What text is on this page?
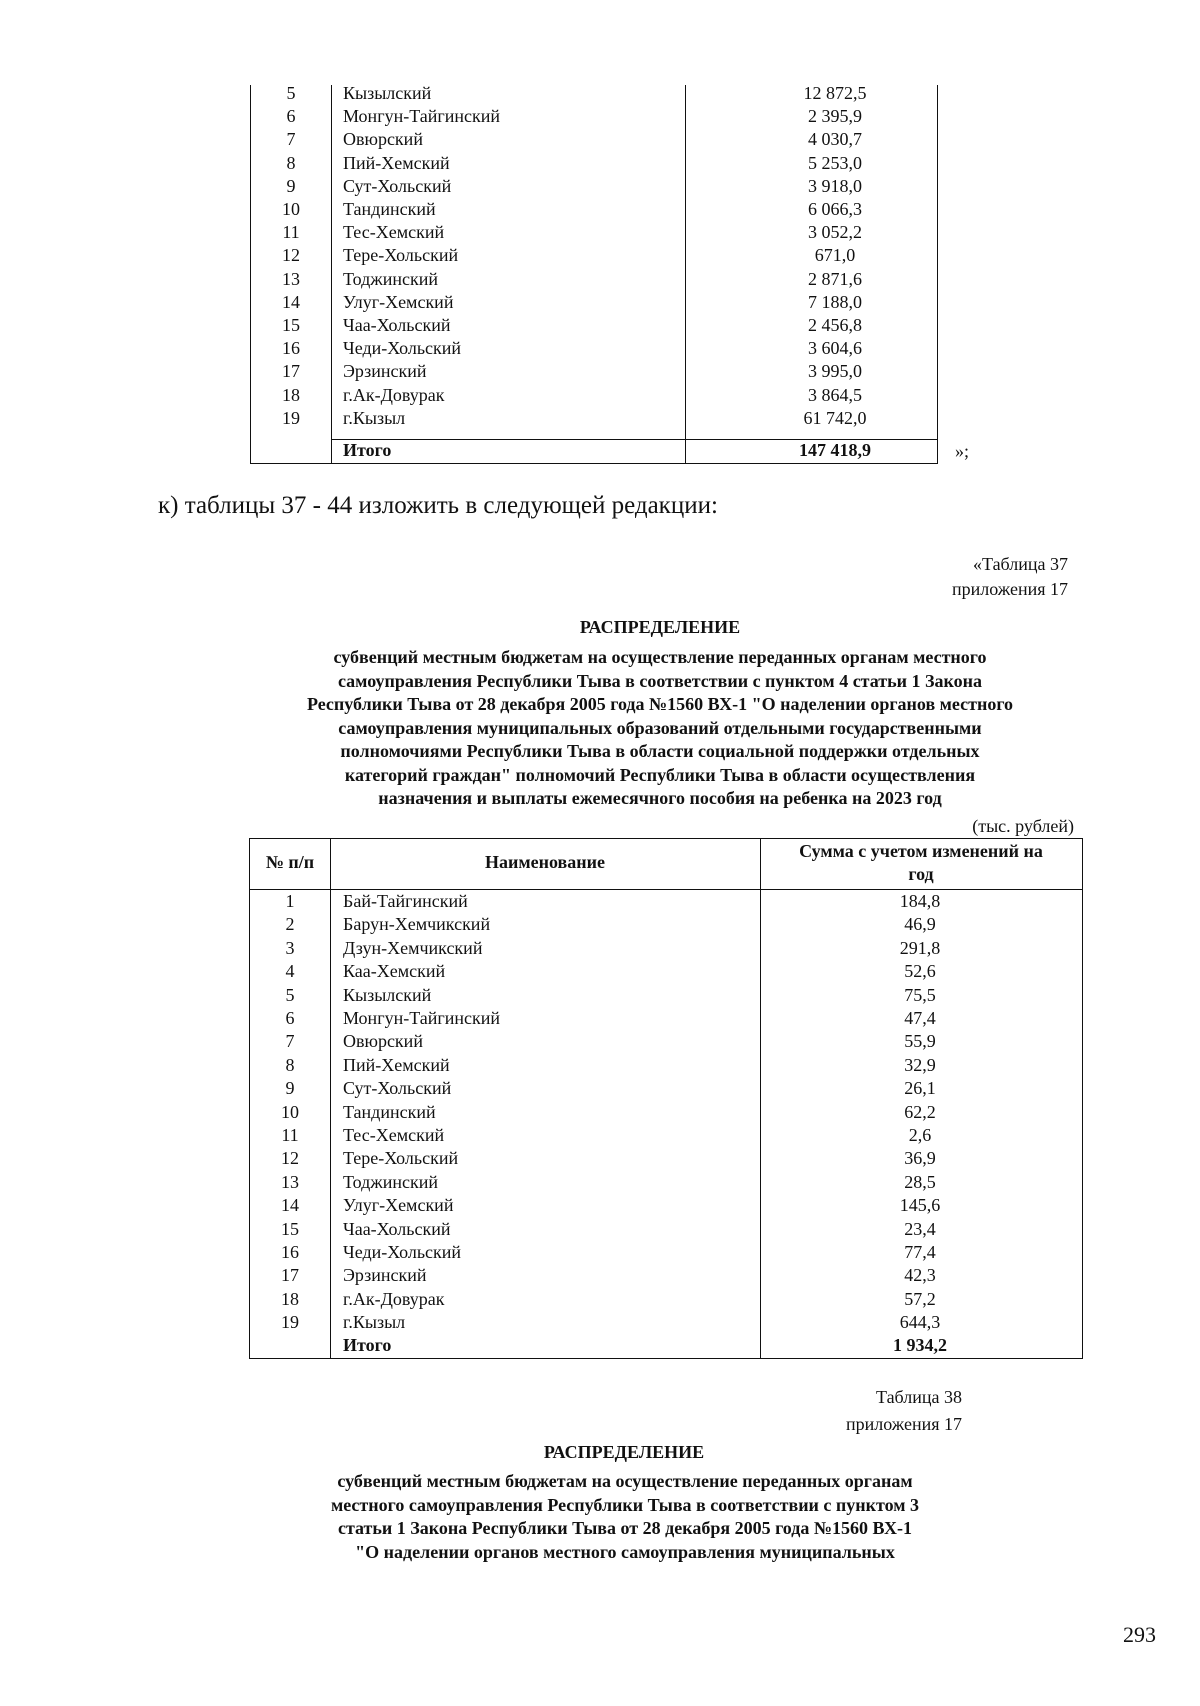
5	Кызылский	12 872,5
6	Монгун-Тайгинский	2 395,9
7	Овюрский	4 030,7
8	Пий-Хемский	5 253,0
9	Сут-Хольский	3 918,0
10	Тандинский	6 066,3
11	Тес-Хемский	3 052,2
12	Тере-Хольский	671,0
13	Тоджинский	2 871,6
14	Улуг-Хемский	7 188,0
15	Чаа-Хольский	2 456,8
16	Чеди-Хольский	3 604,6
17	Эрзинский	3 995,0
18	г.Ак-Довурак	3 864,5
19	г.Кызыл	61 742,0
Итого	147 418,9	»;
к) таблицы 37 - 44 изложить в следующей редакции:
«Таблица 37
приложения 17
РАСПРЕДЕЛЕНИЕ
субвенций местным бюджетам на осуществление переданных органам местного
самоуправления Республики Тыва в соответствии с пунктом 4 статьи 1 Закона
Республики Тыва от 28 декабря 2005 года №1560 ВХ-1 "О наделении органов местного
самоуправления муниципальных образований отдельными государственными
полномочиями Республики Тыва в области социальной поддержки отдельных
категорий граждан" полномочий Республики Тыва в области осуществления
назначения и выплаты ежемесячного пособия на ребенка на 2023 год
(тыс. рублей)
№ п/п	Наименование
Сумма с учетом изменений на
год
1	Бай-Тайгинский	184,8
2	Барун-Хемчикский	46,9
3	Дзун-Хемчикский	291,8
4	Каа-Хемский	52,6
5	Кызылский	75,5
6	Монгун-Тайгинский	47,4
7	Овюрский	55,9
8	Пий-Хемский	32,9
9	Сут-Хольский	26,1
10	Тандинский	62,2
11	Тес-Хемский	2,6
12	Тере-Хольский	36,9
13	Тоджинский	28,5
14	Улуг-Хемский	145,6
15	Чаа-Хольский	23,4
16	Чеди-Хольский	77,4
17	Эрзинский	42,3
18	г.Ак-Довурак	57,2
19	г.Кызыл	644,3
Итого	1 934,2
Таблица 38
приложения 17
РАСПРЕДЕЛЕНИЕ
субвенций местным бюджетам на осуществление переданных органам
местного самоуправления Республики Тыва в соответствии с пунктом 3
статьи 1 Закона Республики Тыва от 28 декабря 2005 года №1560 ВХ-1
"О наделении органов местного самоуправления муниципальных
293
